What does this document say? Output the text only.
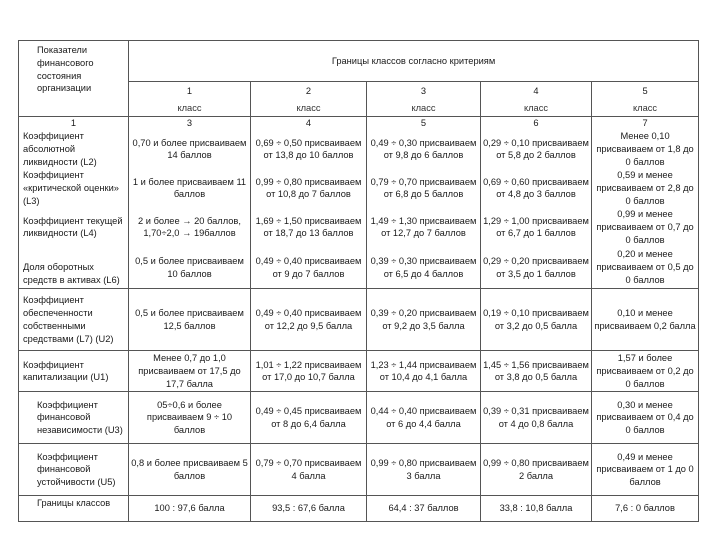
Показатели финансового состояния организации	Границы классов согласно критериям				
	1	2	3	4	5
	класс	класс	класс	класс	класс
1	3	4	5	6	7
Коэффициент абсолютной ликвидности (L2)	0,70 и более присваиваем 14 баллов	0,69 ÷ 0,50 присваиваем от 13,8 до 10 баллов	0,49 ÷ 0,30 присваиваем от 9,8 до 6 баллов	0,29 ÷ 0,10 присваиваем от 5,8 до 2 баллов	Менее 0,10 присваиваем от 1,8 до 0 баллов
Коэффициент «критической оценки» (L3)	1 и более присваиваем 11 баллов	0,99 ÷ 0,80 присваиваем от 10,8 до 7 баллов	0,79 ÷ 0,70 присваиваем от 6,8 до 5 баллов	0,69 ÷ 0,60 присваиваем от 4,8 до 3 баллов	0,59 и менее присваиваем от 2,8 до 0 баллов
Коэффициент текущей ликвидности (L4)	2 и более → 20 баллов, 1,70÷2,0 → 19баллов	1,69 ÷ 1,50 присваиваем от 18,7 до 13 баллов	1,49 ÷ 1,30 присваиваем от 12,7 до 7 баллов	1,29 ÷ 1,00 присваиваем от 6,7 до 1 баллов	0,99 и менее присваиваем от 0,7 до 0 баллов
Доля оборотных средств в активах (L6)	0,5 и более присваиваем 10 баллов	0,49 ÷ 0,40 присваиваем от 9 до 7 баллов	0,39 ÷ 0,30 присваиваем от 6,5 до 4 баллов	0,29 ÷ 0,20 присваиваем от 3,5 до 1 баллов	0,20 и менее присваиваем от 0,5 до 0 баллов
Коэффициент обеспеченности собственными средствами (L7) (U2)	0,5 и более присваиваем 12,5 баллов	0,49 ÷ 0,40 присваиваем от 12,2 до 9,5 балла	0,39 ÷ 0,20 присваиваем от 9,2 до 3,5 балла	0,19 ÷ 0,10 присваиваем от 3,2 до 0,5 балла	0,10 и менее присваиваем 0,2 балла
Коэффициент капитализации (U1)	Менее 0,7 до 1,0 присваиваем от 17,5 до 17,7 балла	1,01 ÷ 1,22 присваиваем от 17,0 до 10,7 балла	1,23 ÷ 1,44 присваиваем от 10,4 до 4,1 балла	1,45 ÷ 1,56 присваиваем от 3,8 до 0,5 балла	1,57 и более присваиваем от 0,2 до 0 баллов
Коэффициент финансовой независимости (U3)	05÷0,6 и более присваиваем 9 ÷ 10 баллов	0,49 ÷ 0,45 присваиваем от 8 до 6,4 балла	0,44 ÷ 0,40 присваиваем от 6 до 4,4 балла	0,39 ÷ 0,31 присваиваем от 4 до 0,8 балла	0,30 и менее присваиваем от 0,4 до 0 баллов
Коэффициент финансовой устойчивости (U5)	0,8 и более присваиваем 5 баллов	0,79 ÷ 0,70 присваиваем 4 балла	0,99 ÷ 0,80 присваиваем 3 балла	0,99 ÷ 0,80 присваиваем 2 балла	0,49 и менее присваиваем от 1 до 0 баллов
Границы классов	100 : 97,6 балла	93,5 : 67,6 балла	64,4 : 37 баллов	33,8 : 10,8 балла	7,6 : 0 баллов
